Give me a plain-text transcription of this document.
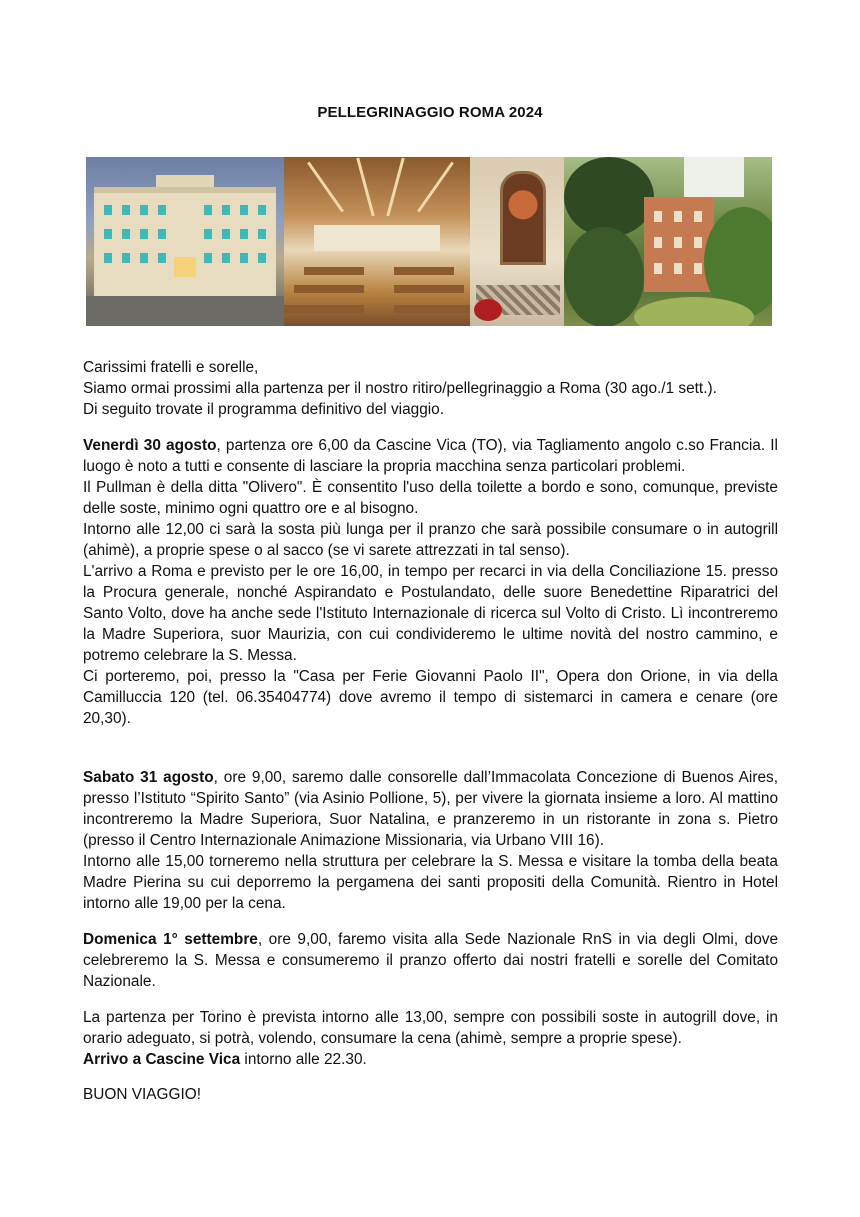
PELLEGRINAGGIO ROMA 2024

Carissimi fratelli e sorelle,

Siamo ormai prossimi alla partenza per il nostro ritiro/pellegrinaggio a Roma (30 ago./1 sett.).

Di seguito trovate il programma definitivo del viaggio.

Venerdì 30 agosto, partenza ore 6,00 da Cascine Vica (TO), via Tagliamento angolo c.so Francia. Il luogo è noto a tutti e consente di lasciare la propria macchina senza particolari problemi.

Il Pullman è della ditta "Olivero". È consentito l'uso della toilette a bordo e sono, comunque, previste delle soste, minimo ogni quattro ore e al bisogno.

Intorno alle 12,00 ci sarà la sosta più lunga per il pranzo che sarà possibile consumare o in autogrill (ahimè), a proprie spese o al sacco (se vi sarete attrezzati in tal senso).

L'arrivo a Roma e previsto per le ore 16,00, in tempo per recarci in via della Conciliazione 15. presso la Procura generale, nonché Aspirandato e Postulandato, delle suore Benedettine Riparatrici del Santo Volto, dove ha anche sede l'Istituto Internazionale di ricerca sul Volto di Cristo. Lì incontreremo la Madre Superiora, suor Maurizia, con cui condivideremo le ultime novità del nostro cammino, e potremo celebrare la S. Messa.

Ci porteremo, poi, presso la "Casa per Ferie Giovanni Paolo II", Opera don Orione, in via della Camilluccia 120 (tel. 06.35404774) dove avremo il tempo di sistemarci in camera e cenare (ore 20,30).

Sabato 31 agosto, ore 9,00, saremo dalle consorelle dall’Immacolata Concezione di Buenos Aires, presso l’Istituto “Spirito Santo” (via Asinio Pollione, 5), per vivere la giornata insieme a loro. Al mattino incontreremo la Madre Superiora, Suor Natalina, e pranzeremo in un ristorante in zona s. Pietro (presso il Centro Internazionale Animazione Missionaria, via Urbano VIII 16).

Intorno alle 15,00 torneremo nella struttura per celebrare la S. Messa e visitare la tomba della beata Madre Pierina su cui deporremo la pergamena dei santi propositi della Comunità. Rientro in Hotel intorno alle 19,00 per la cena.

Domenica 1° settembre, ore 9,00, faremo visita alla Sede Nazionale RnS in via degli Olmi, dove celebreremo la S. Messa e consumeremo il pranzo offerto dai nostri fratelli e sorelle del Comitato Nazionale.

La partenza per Torino è prevista intorno alle 13,00, sempre con possibili soste in autogrill dove, in orario adeguato, si potrà, volendo, consumare la cena (ahimè, sempre a proprie spese).

Arrivo a Cascine Vica intorno alle 22.30.

BUON VIAGGIO!
